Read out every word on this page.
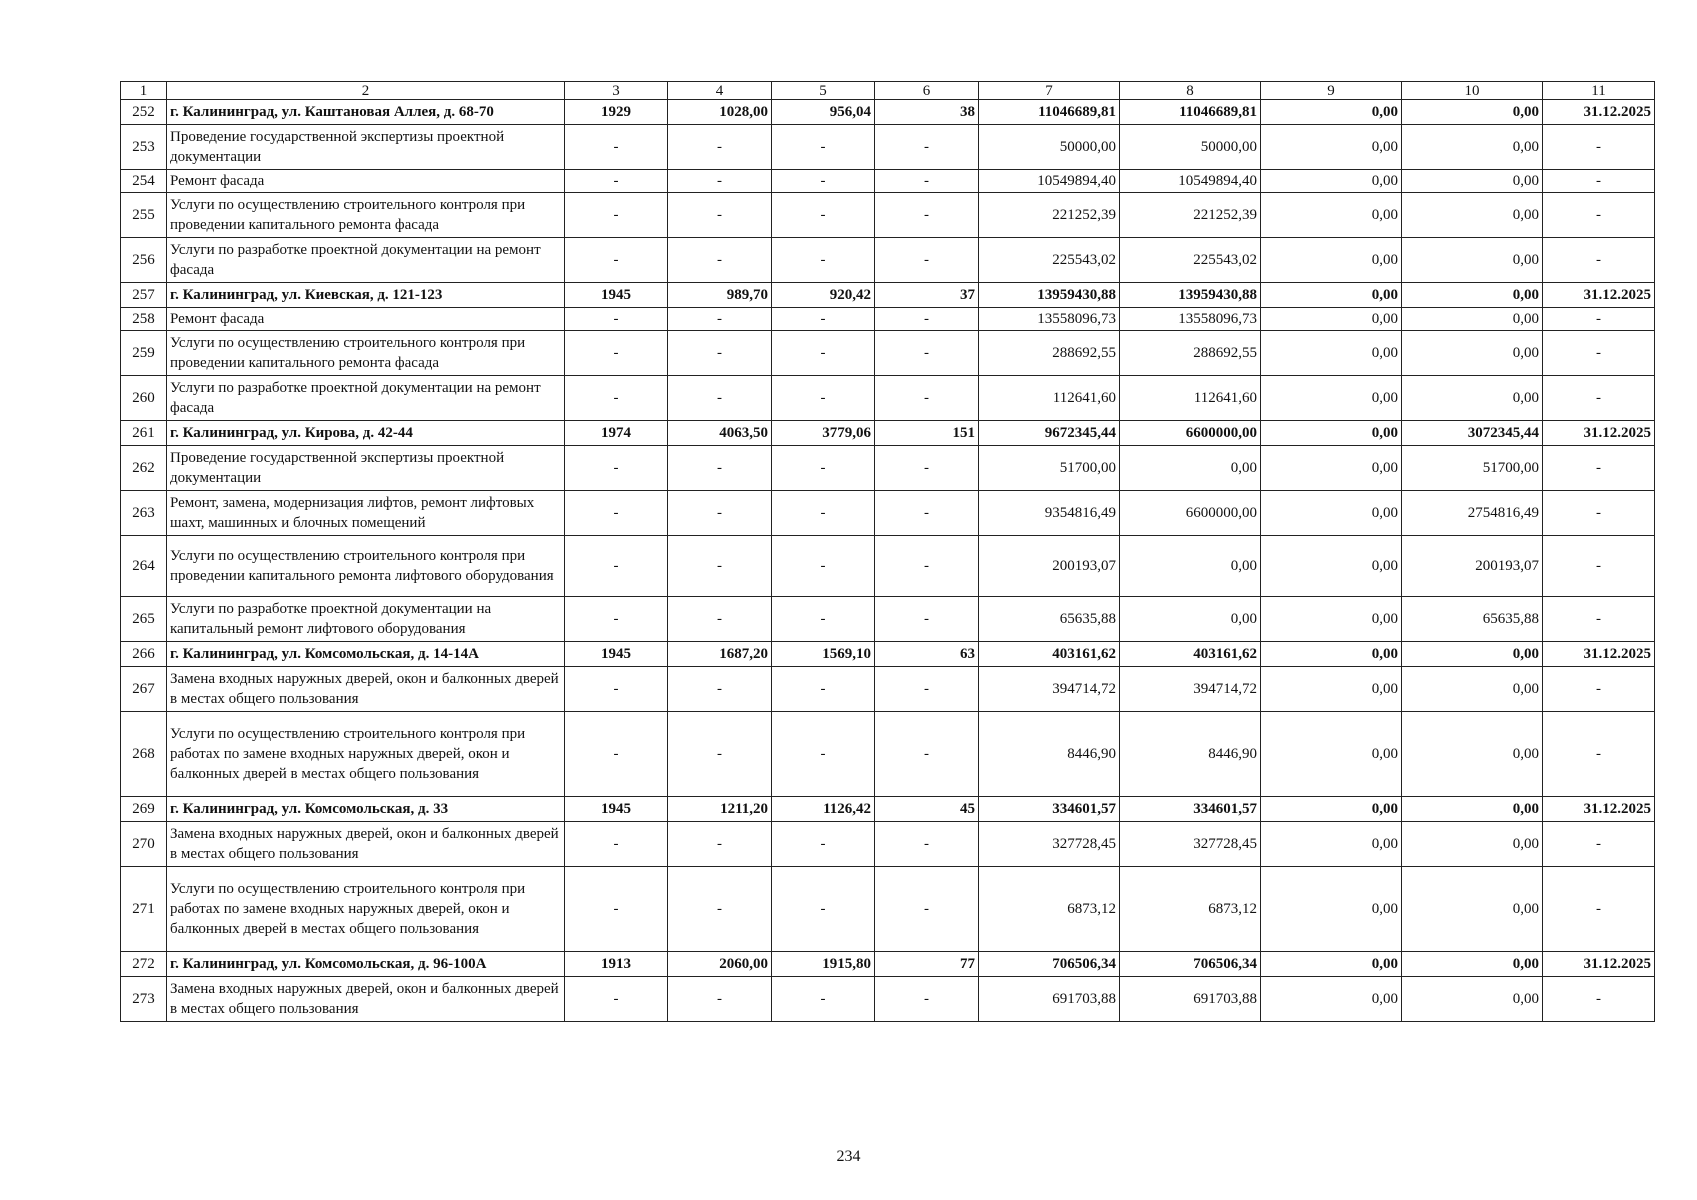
1	2	3	4	5	6	7	8	9	10	11
252	г. Калининград, ул. Каштановая Аллея, д. 68-70	1929	1028,00	956,04	38	11046689,81	11046689,81	0,00	0,00	31.12.2025
253	Проведение государственной экспертизы проектной документации	-	-	-	-	50000,00	50000,00	0,00	0,00	-
254	Ремонт фасада	-	-	-	-	10549894,40	10549894,40	0,00	0,00	-
255	Услуги по осуществлению строительного контроля при проведении капитального ремонта фасада	-	-	-	-	221252,39	221252,39	0,00	0,00	-
256	Услуги по разработке проектной документации на ремонт фасада	-	-	-	-	225543,02	225543,02	0,00	0,00	-
257	г. Калининград, ул. Киевская, д. 121-123	1945	989,70	920,42	37	13959430,88	13959430,88	0,00	0,00	31.12.2025
258	Ремонт фасада	-	-	-	-	13558096,73	13558096,73	0,00	0,00	-
259	Услуги по осуществлению строительного контроля при проведении капитального ремонта фасада	-	-	-	-	288692,55	288692,55	0,00	0,00	-
260	Услуги по разработке проектной документации на ремонт фасада	-	-	-	-	112641,60	112641,60	0,00	0,00	-
261	г. Калининград, ул. Кирова, д. 42-44	1974	4063,50	3779,06	151	9672345,44	6600000,00	0,00	3072345,44	31.12.2025
262	Проведение государственной экспертизы проектной документации	-	-	-	-	51700,00	0,00	0,00	51700,00	-
263	Ремонт, замена, модернизация лифтов, ремонт лифтовых шахт, машинных и блочных помещений	-	-	-	-	9354816,49	6600000,00	0,00	2754816,49	-
264	Услуги по осуществлению строительного контроля при проведении капитального ремонта лифтового оборудования	-	-	-	-	200193,07	0,00	0,00	200193,07	-
265	Услуги по разработке проектной документации на капитальный ремонт лифтового оборудования	-	-	-	-	65635,88	0,00	0,00	65635,88	-
266	г. Калининград, ул. Комсомольская, д. 14-14А	1945	1687,20	1569,10	63	403161,62	403161,62	0,00	0,00	31.12.2025
267	Замена входных наружных дверей, окон и балконных дверей в местах общего пользования	-	-	-	-	394714,72	394714,72	0,00	0,00	-
268	Услуги по осуществлению строительного контроля при работах по замене входных наружных дверей, окон и балконных дверей в местах общего пользования	-	-	-	-	8446,90	8446,90	0,00	0,00	-
269	г. Калининград, ул. Комсомольская, д. 33	1945	1211,20	1126,42	45	334601,57	334601,57	0,00	0,00	31.12.2025
270	Замена входных наружных дверей, окон и балконных дверей в местах общего пользования	-	-	-	-	327728,45	327728,45	0,00	0,00	-
271	Услуги по осуществлению строительного контроля при работах по замене входных наружных дверей, окон и балконных дверей в местах общего пользования	-	-	-	-	6873,12	6873,12	0,00	0,00	-
272	г. Калининград, ул. Комсомольская, д. 96-100А	1913	2060,00	1915,80	77	706506,34	706506,34	0,00	0,00	31.12.2025
273	Замена входных наружных дверей, окон и балконных дверей в местах общего пользования	-	-	-	-	691703,88	691703,88	0,00	0,00	-
234
